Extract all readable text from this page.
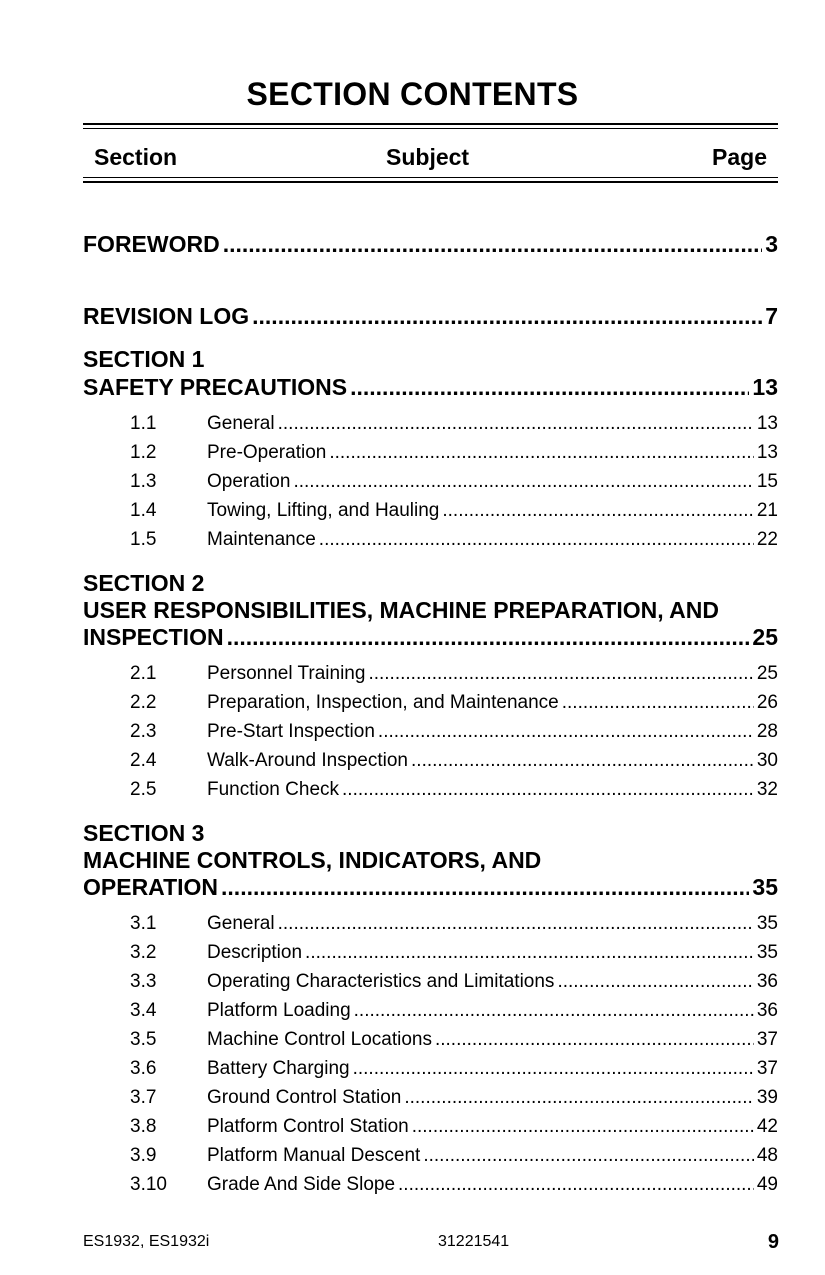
SECTION CONTENTS
Section	Subject	Page
FOREWORD .....	3
REVISION LOG .....	7
SECTION 1
SAFETY PRECAUTIONS .....	13
1.1	General .....	13
1.2	Pre-Operation .....	13
1.3	Operation .....	15
1.4	Towing, Lifting, and Hauling .....	21
1.5	Maintenance .....	22
SECTION 2
USER RESPONSIBILITIES, MACHINE PREPARATION, AND
INSPECTION .....	25
2.1	Personnel Training .....	25
2.2	Preparation, Inspection, and Maintenance .....	26
2.3	Pre-Start Inspection .....	28
2.4	Walk-Around Inspection .....	30
2.5	Function Check .....	32
SECTION 3
MACHINE CONTROLS, INDICATORS, AND
OPERATION .....	35
3.1	General .....	35
3.2	Description .....	35
3.3	Operating Characteristics and Limitations .....	36
3.4	Platform Loading .....	36
3.5	Machine Control Locations .....	37
3.6	Battery Charging .....	37
3.7	Ground Control Station .....	39
3.8	Platform Control Station .....	42
3.9	Platform Manual Descent .....	48
3.10	Grade And Side Slope .....	49
ES1932, ES1932i	31221541	9
